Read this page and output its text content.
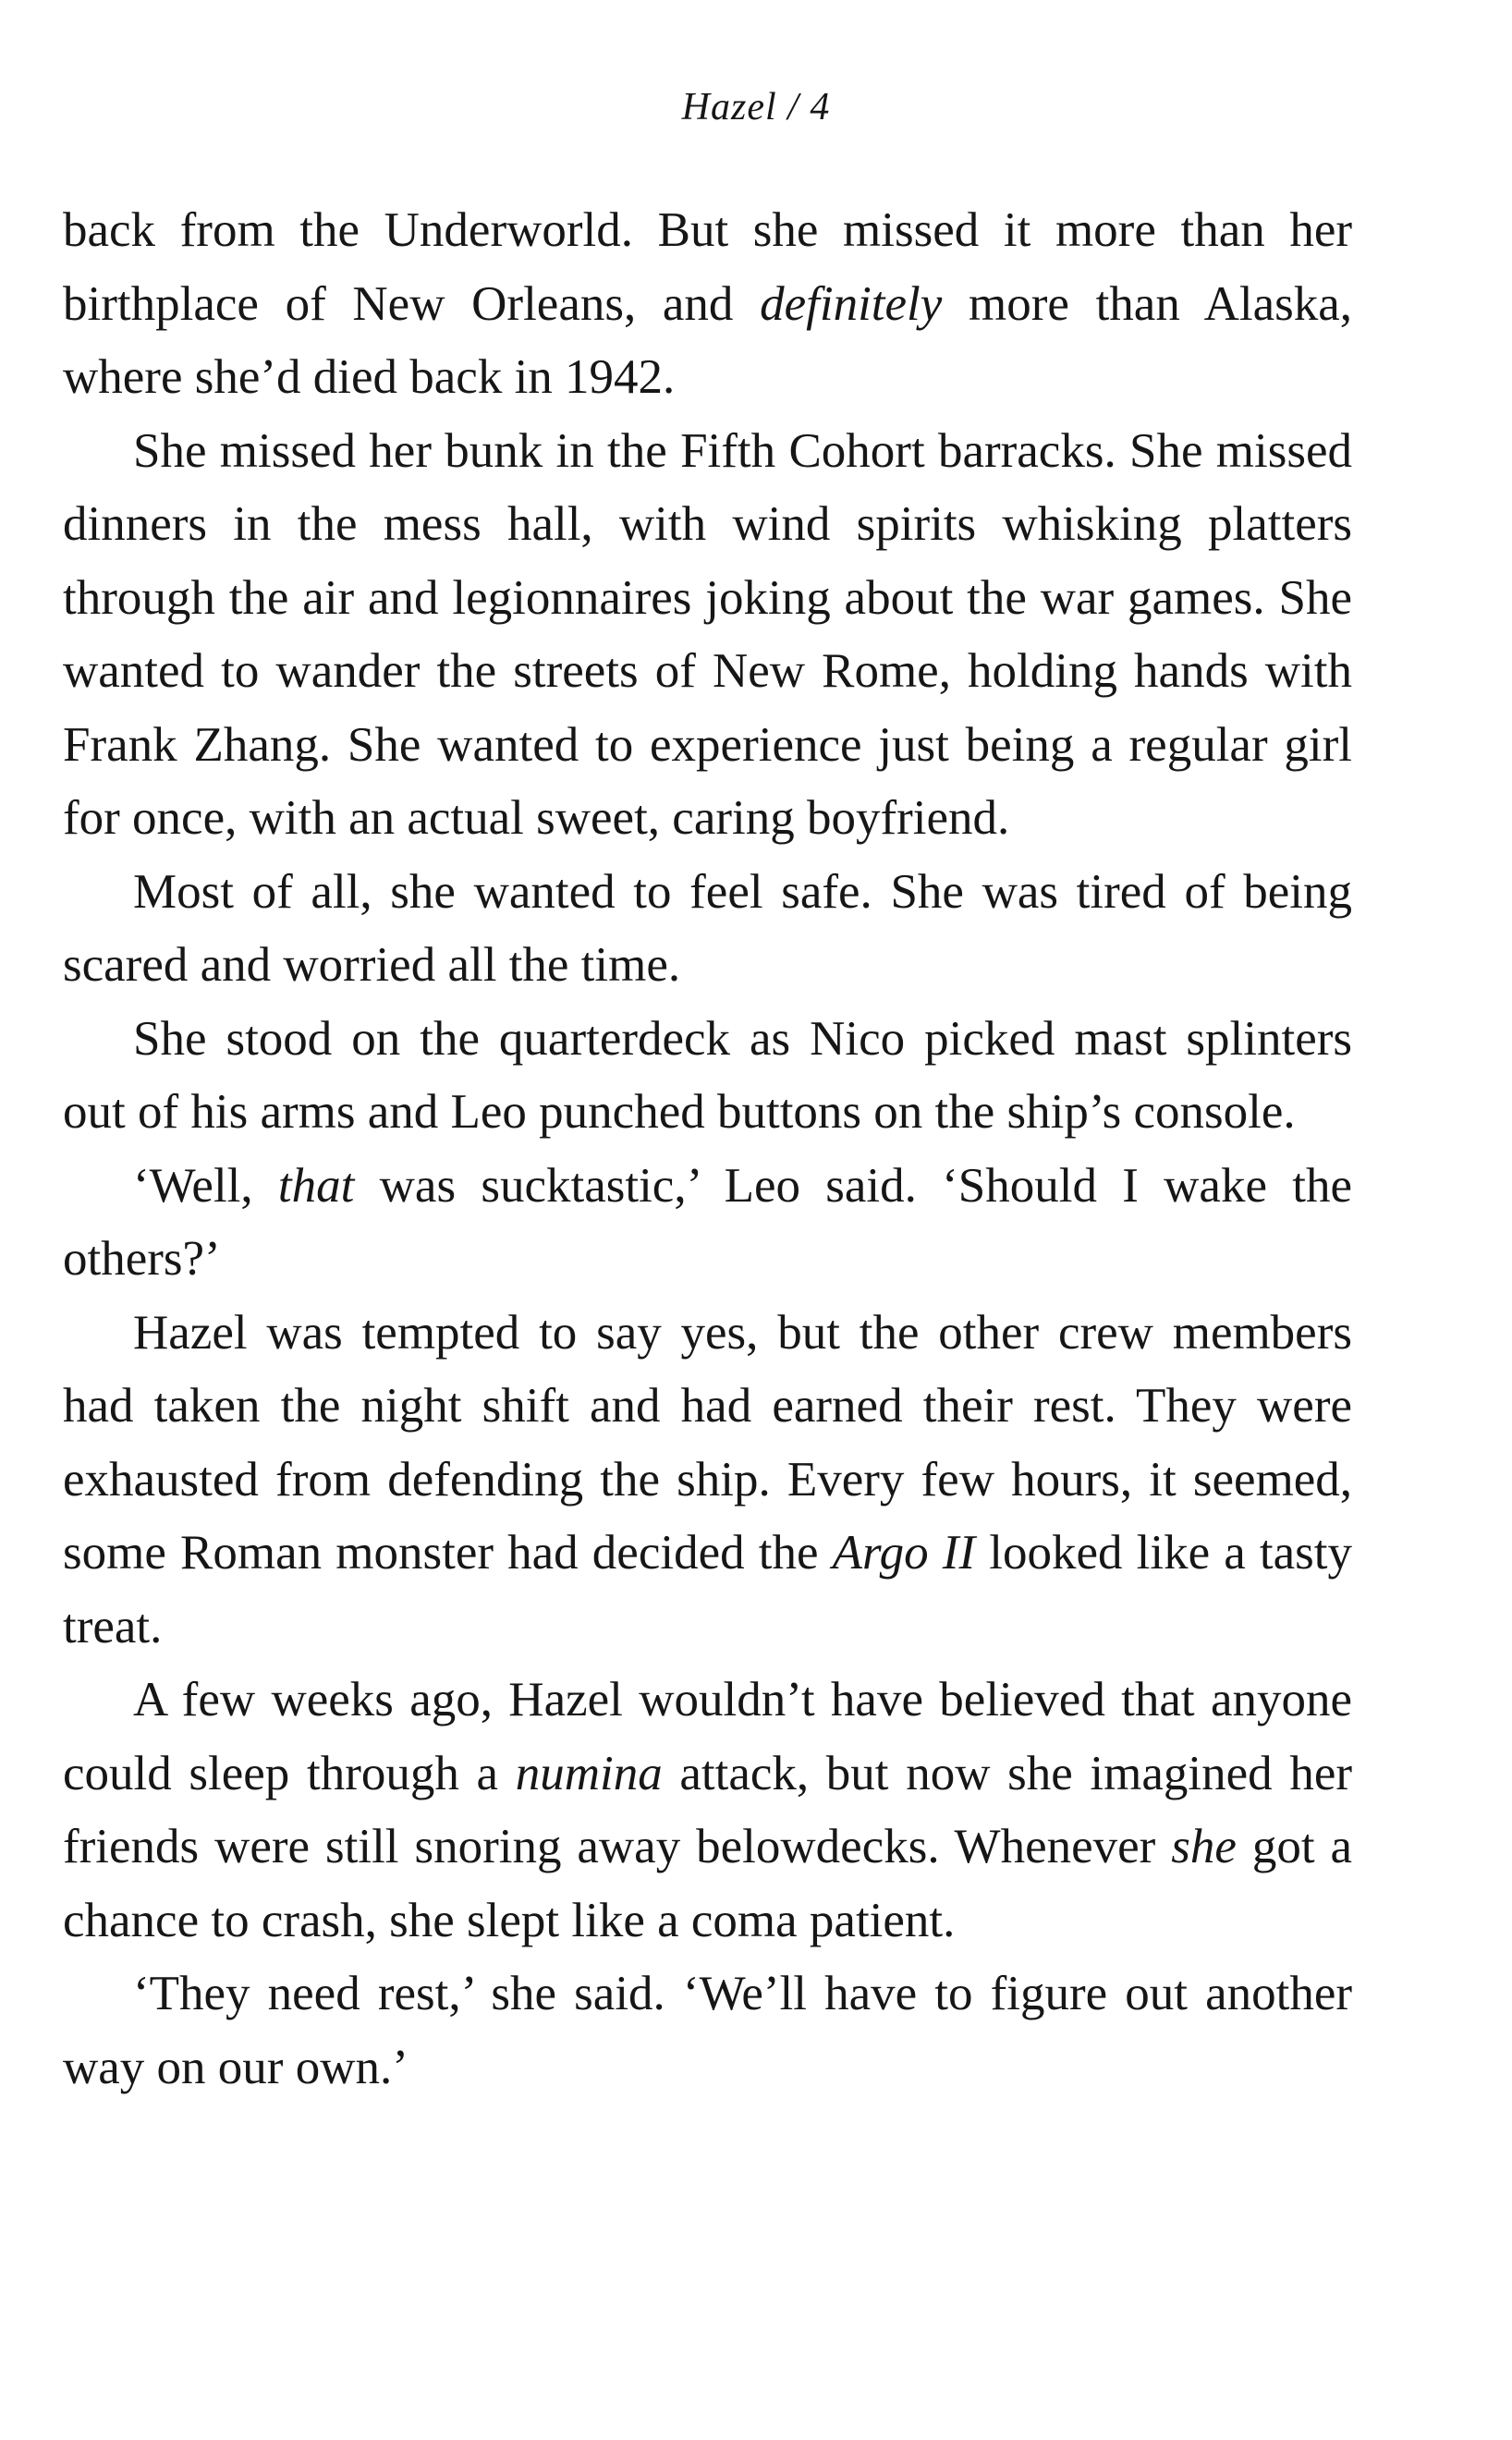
Hazel / 4

back from the Underworld. But she missed it more than her birthplace of New Orleans, and definitely more than Alaska, where she’d died back in 1942.

She missed her bunk in the Fifth Cohort barracks. She missed dinners in the mess hall, with wind spirits whisking platters through the air and legionnaires joking about the war games. She wanted to wander the streets of New Rome, holding hands with Frank Zhang. She wanted to experience just being a regular girl for once, with an actual sweet, caring boyfriend.

Most of all, she wanted to feel safe. She was tired of being scared and worried all the time.

She stood on the quarterdeck as Nico picked mast splinters out of his arms and Leo punched buttons on the ship’s console.

‘Well, that was sucktastic,’ Leo said. ‘Should I wake the others?’

Hazel was tempted to say yes, but the other crew members had taken the night shift and had earned their rest. They were exhausted from defending the ship. Every few hours, it seemed, some Roman monster had decided the Argo II looked like a tasty treat.

A few weeks ago, Hazel wouldn’t have believed that anyone could sleep through a numina attack, but now she imagined her friends were still snoring away belowdecks. Whenever she got a chance to crash, she slept like a coma patient.

‘They need rest,’ she said. ‘We’ll have to figure out another way on our own.’
